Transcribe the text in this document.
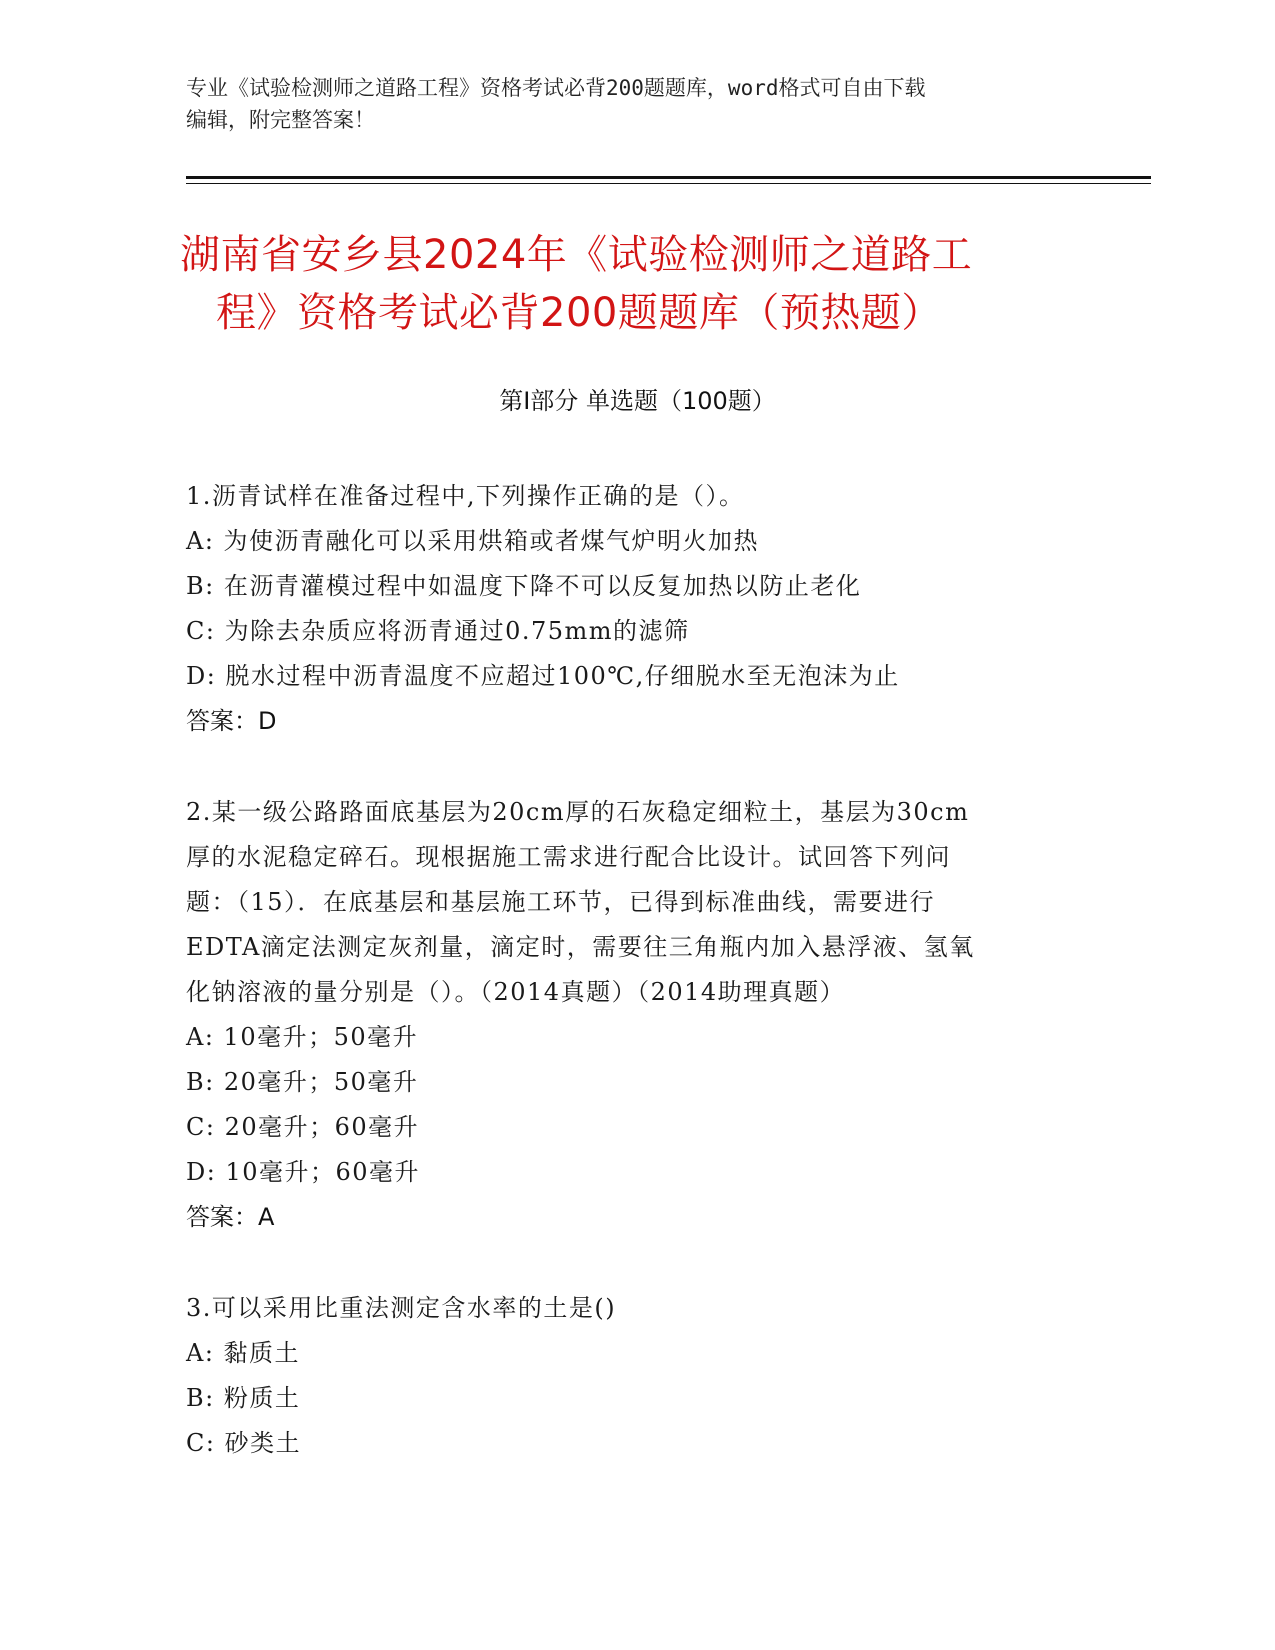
专业《试验检测师之道路工程》资格考试必背200题题库，word格式可自由下载
编辑，附完整答案！
湖南省安乡县2024年《试验检测师之道路工
程》资格考试必背200题题库（预热题）
第Ⅰ部分 单选题（100题）
1.沥青试样在准备过程中,下列操作正确的是（）。
A: 为使沥青融化可以采用烘箱或者煤气炉明火加热
B: 在沥青灌模过程中如温度下降不可以反复加热以防止老化
C: 为除去杂质应将沥青通过0.75mm的滤筛
D: 脱水过程中沥青温度不应超过100℃,仔细脱水至无泡沫为止
答案：D
2.某一级公路路面底基层为20cm厚的石灰稳定细粒土，基层为30cm
厚的水泥稳定碎石。现根据施工需求进行配合比设计。试回答下列问
题：（15）．在底基层和基层施工环节，已得到标准曲线，需要进行
EDTA滴定法测定灰剂量，滴定时，需要往三角瓶内加入悬浮液、氢氧
化钠溶液的量分别是（）。（2014真题）（2014助理真题）
A: 10毫升；50毫升
B: 20毫升；50毫升
C: 20毫升；60毫升
D: 10毫升；60毫升
答案：A
3.可以采用比重法测定含水率的土是()
A: 黏质土
B: 粉质土
C: 砂类土
